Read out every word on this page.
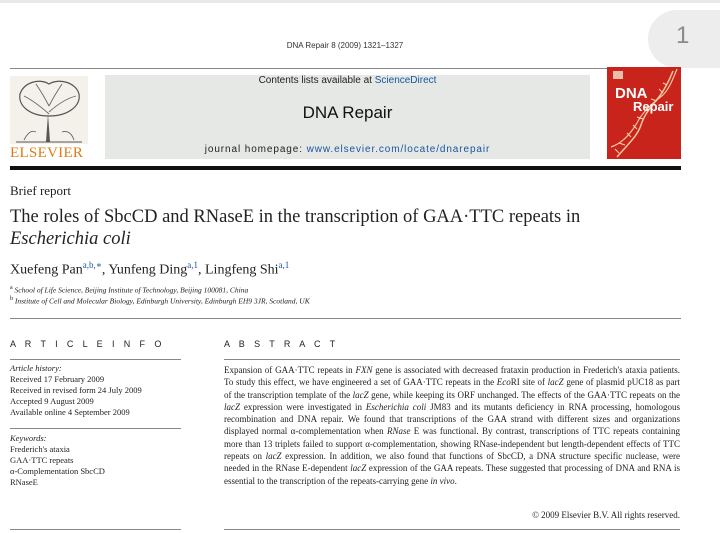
1
DNA Repair 8 (2009) 1321–1327
ELSEVIER
Contents lists available at ScienceDirect
DNA Repair
journal homepage: www.elsevier.com/locate/dnarepair
DNA
Repair
Brief report
The roles of SbcCD and RNaseE in the transcription of GAA·TTC repeats in
Escherichia coli
Xuefeng Pan$^{a,b,∗}$, Yunfeng Ding$^{a,1}$, Lingfeng Shi$^{a,1}$
$^a$ School of Life Science, Beijing Institute of Technology, Beijing 100081, China
$^b$ Institute of Cell and Molecular Biology, Edinburgh University, Edinburgh EH9 3JR, Scotland, UK
A R T I C L E I N F O
Article history:
Received 17 February 2009
Received in revised form 24 July 2009
Accepted 9 August 2009
Available online 4 September 2009
Keywords:
Frederich's ataxia
GAA·TTC repeats
α-Complementation SbcCD
RNaseE
A B S T R A C T
Expansion of GAA·TTC repeats in FXN gene is associated with decreased frataxin production in Frederich's ataxia patients. To study this effect, we have engineered a set of GAA·TTC repeats in the EcoRI site of lacZ gene of plasmid pUC18 as part of the transcription template of the lacZ gene, while keeping its ORF unchanged. The effects of the GAA·TTC repeats on the lacZ expression were investigated in Escherichia coli JM83 and its mutants deficiency in RNA processing, homologous recombination and DNA repair. We found that transcriptions of the GAA strand with different sizes and organizations displayed normal α-complementation when RNase E was functional. By contrast, transcriptions of TTC repeats containing more than 13 triplets failed to support α-complementation, showing RNase-independent but length-dependent effects of TTC repeats on lacZ expression. In addition, we also found that functions of SbcCD, a DNA structure specific nuclease, were needed in the RNase E-dependent lacZ expression of the GAA repeats. These suggested that processing of DNA and RNA is essential to the transcription of the repeats-carrying gene in vivo.
© 2009 Elsevier B.V. All rights reserved.
